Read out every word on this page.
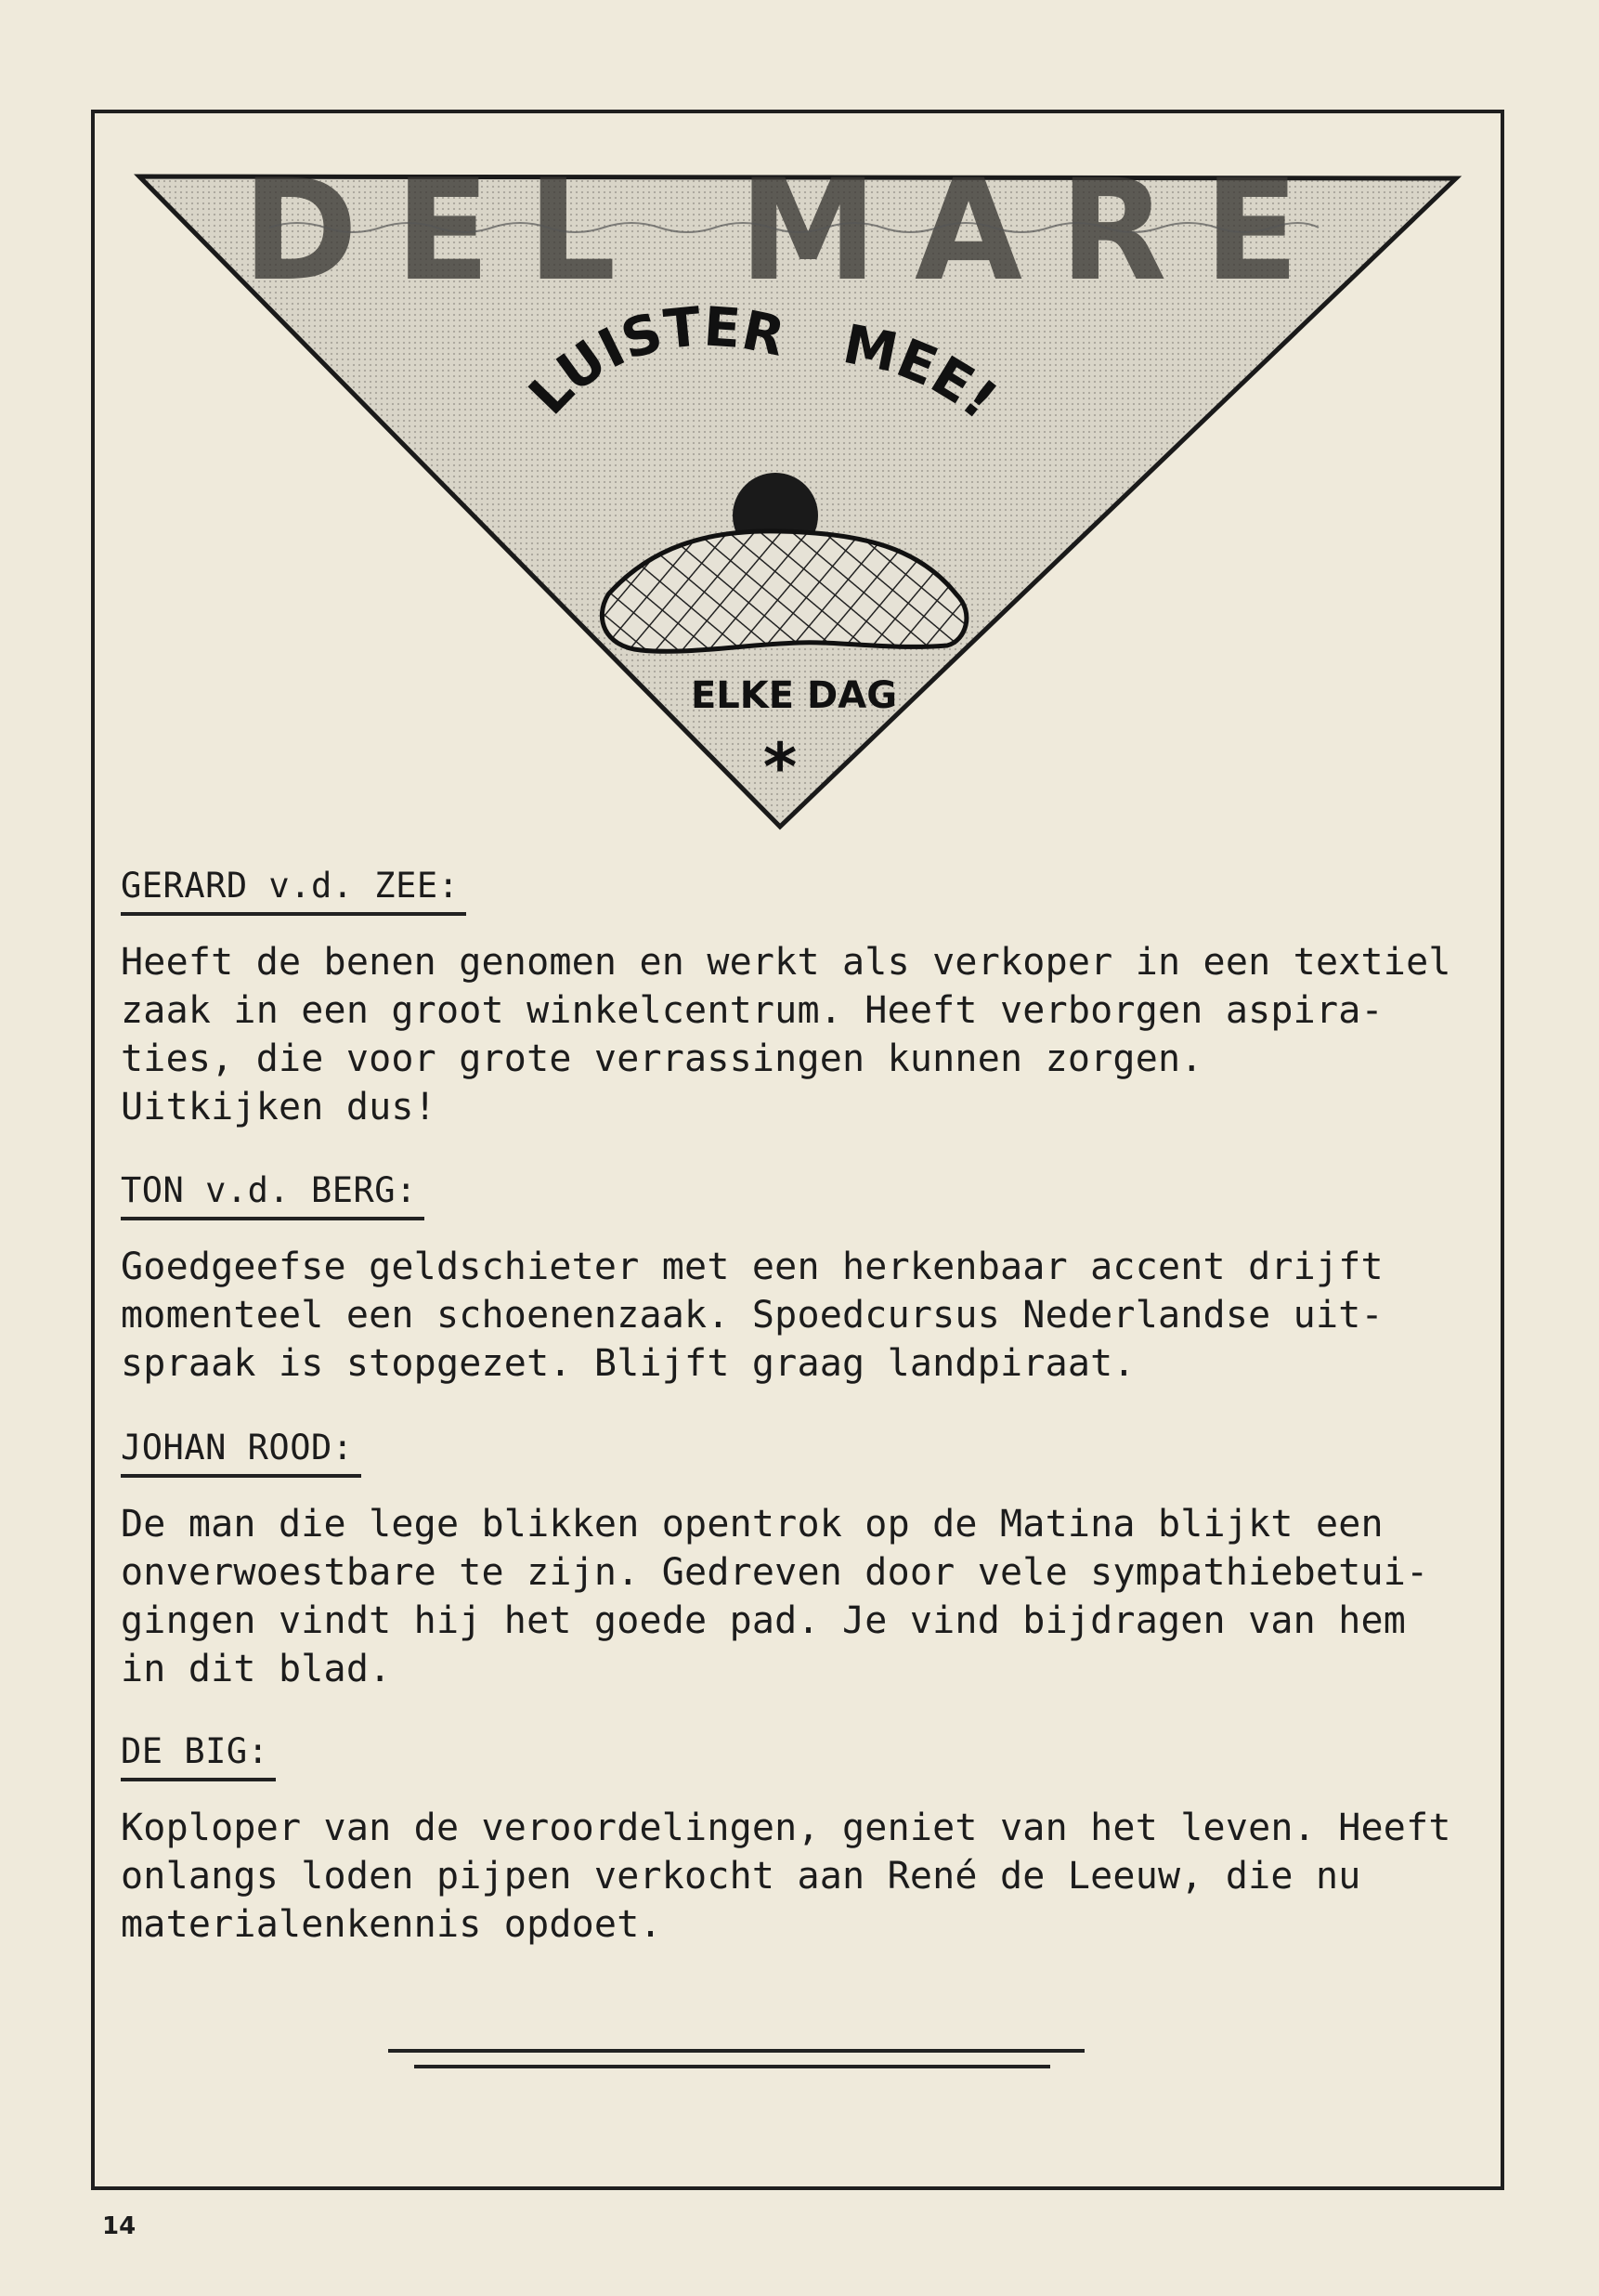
DEL MARE
LUISTER MEE!
ELKE DAG
*
GERARD v.d. ZEE:
Heeft de benen genomen en werkt als verkoper in een textiel
zaak in een groot winkelcentrum. Heeft verborgen aspira-
ties, die voor grote verrassingen kunnen zorgen.
Uitkijken dus!
TON v.d. BERG:
Goedgeefse geldschieter met een herkenbaar accent drijft
momenteel een schoenenzaak. Spoedcursus Nederlandse uit-
spraak is stopgezet. Blijft graag landpiraat.
JOHAN ROOD:
De man die lege blikken opentrok op de Matina blijkt een
onverwoestbare te zijn. Gedreven door vele sympathiebetui-
gingen vindt hij het goede pad. Je vind bijdragen van hem
in dit blad.
DE BIG:
Koploper van de veroordelingen, geniet van het leven. Heeft
onlangs loden pijpen verkocht aan René de Leeuw, die nu
materialenkennis opdoet.
14
